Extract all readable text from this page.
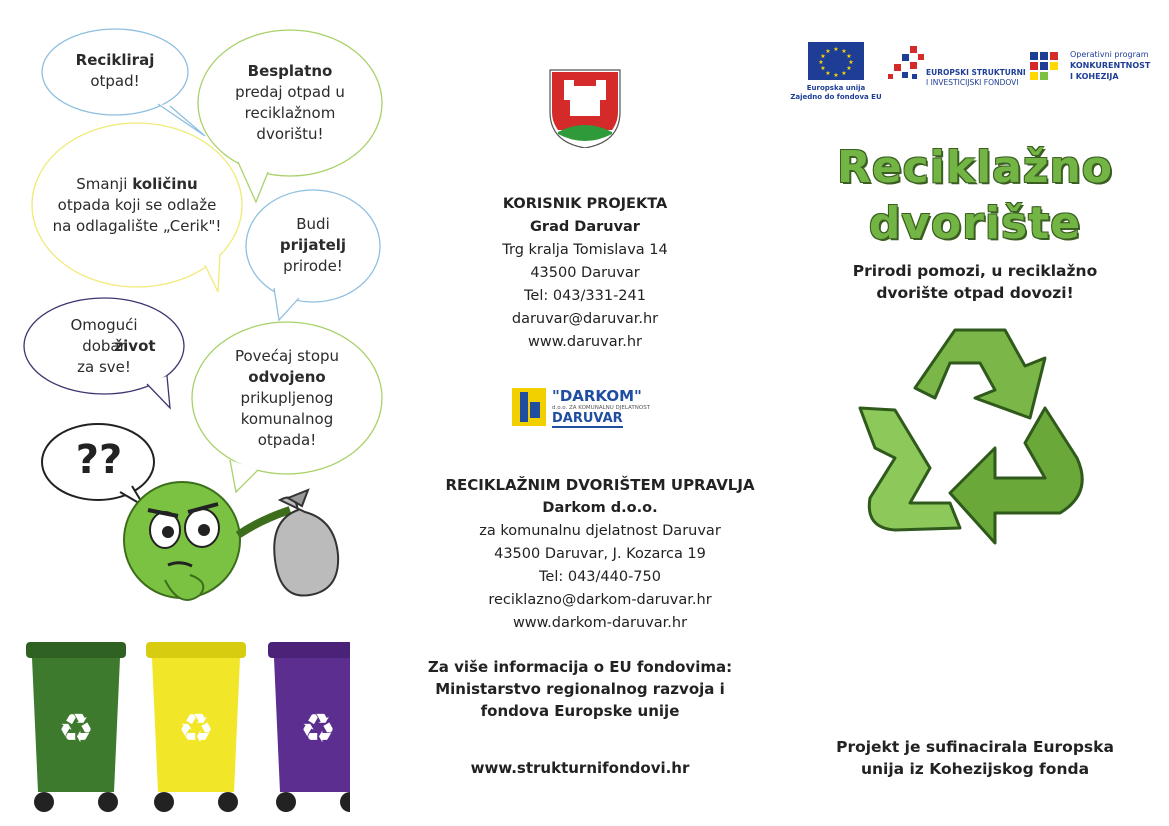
Recikliraj
otpad!
Besplatno
predaj otpad u reciklažnom dvorištu!
Smanji količinu
otpada koji se odlaže na odlagalište „Cerik"!	Budi
prijatelj
prirode!
Omogući dobar
život
za sve!
Povećaj stopu
odvojeno
prikupljenog komunalnog otpada!
??
♻ ♻ ♻
KORISNIK PROJEKTA
Grad Daruvar
Trg kralja Tomislava 14
43500 Daruvar
Tel: 043/331-241
daruvar@daruvar.hr
www.daruvar.hr
"DARKOM"
d.o.o. ZA KOMUNALNU DJELATNOST
DARUVAR
RECIKLAŽNIM DVORIŠTEM UPRAVLJA
Darkom d.o.o.
za komunalnu djelatnost Daruvar
43500 Daruvar, J. Kozarca 19
Tel: 043/440-750
reciklazno@darkom-daruvar.hr
www.darkom-daruvar.hr
Za više informacija o EU fondovima:
Ministarstvo regionalnog razvoja i
fondova Europske unije
www.strukturnifondovi.hr
★ ★
★
★
★
★
★
★
★
★
★
★
Europska unija
Zajedno do fondova EU
EUROPSKI STRUKTURNI
I INVESTICIJSKI FONDOVI
Operativni program
KONKURENTNOST
I KOHEZIJA
Reciklažno
dvorište
Prirodi pomozi, u reciklažno
dvorište otpad dovozi!
Projekt je sufinacirala Europska
unija iz Kohezijskog fonda
